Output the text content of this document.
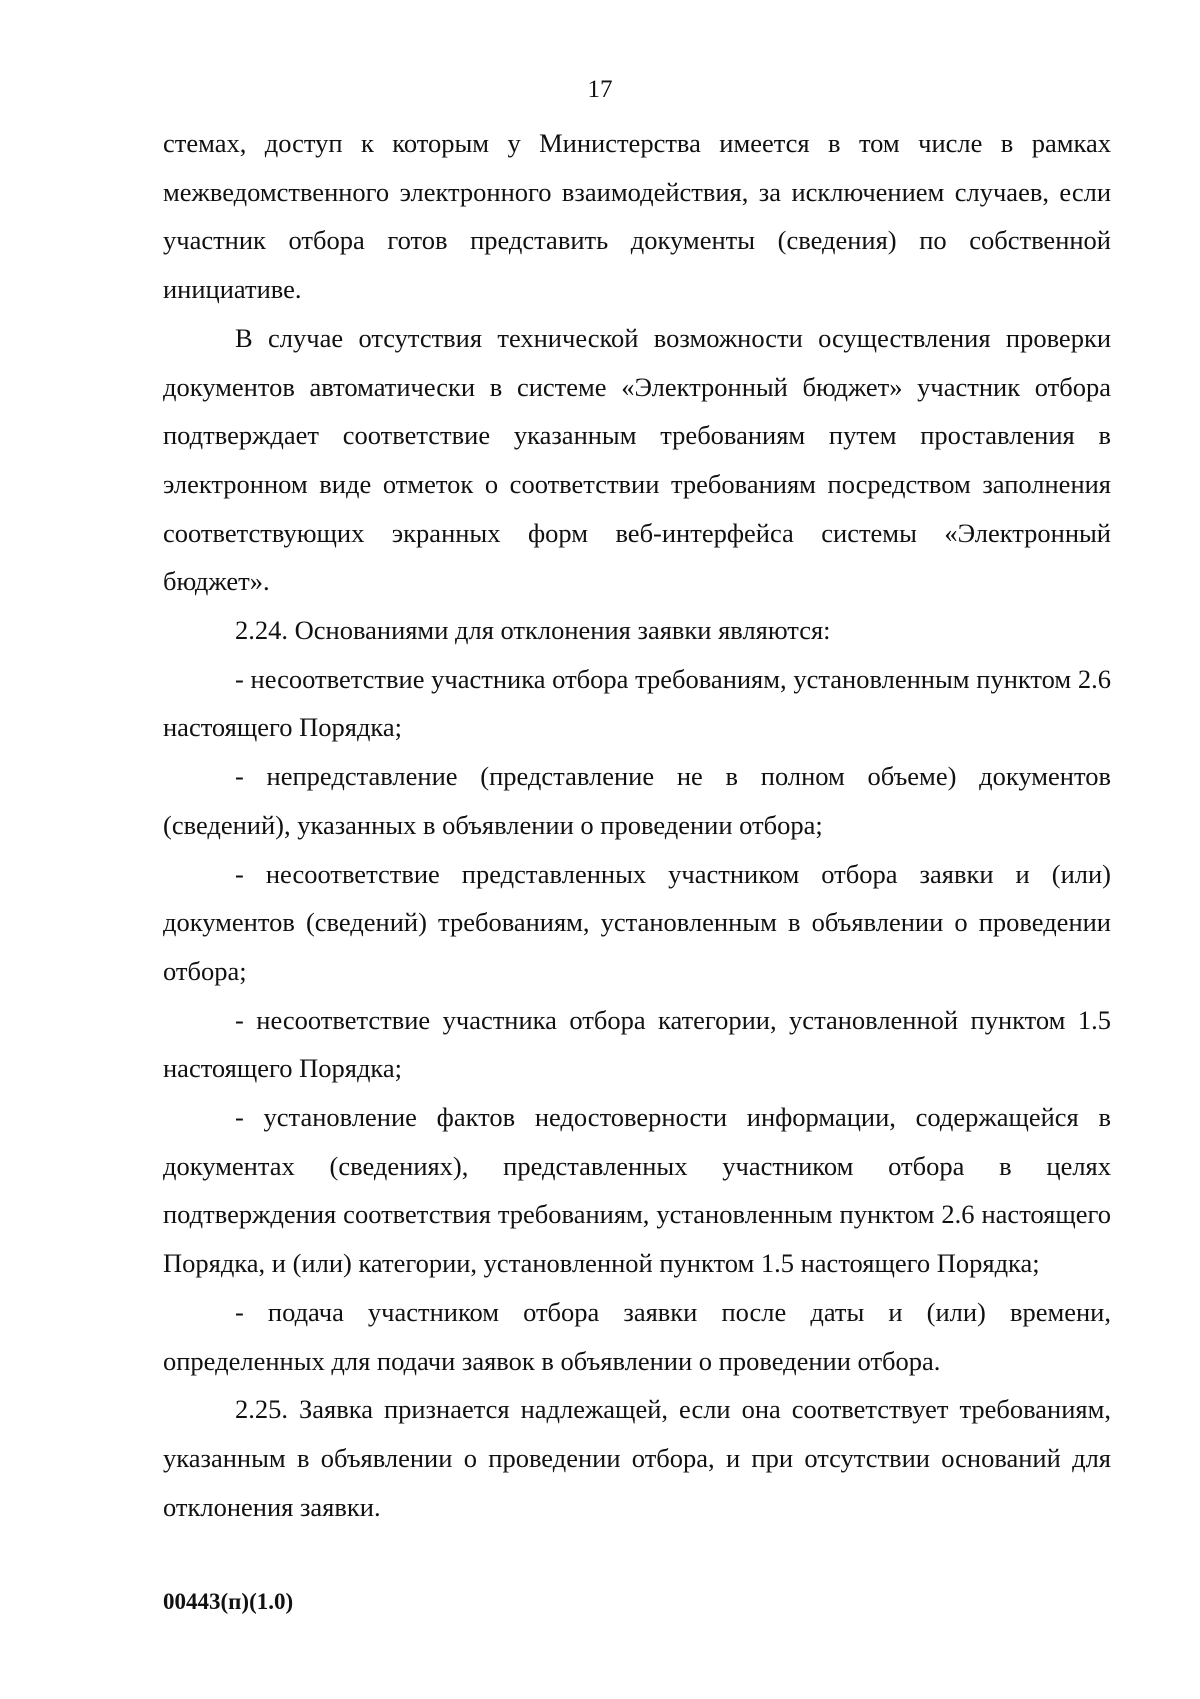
17

стемах, доступ к которым у Министерства имеется в том числе в рамках межведомственного электронного взаимодействия, за исключением случаев, если участник отбора готов представить документы (сведения) по собственной инициативе.

В случае отсутствия технической возможности осуществления проверки документов автоматически в системе «Электронный бюджет» участник отбора подтверждает соответствие указанным требованиям путем проставления в электронном виде отметок о соответствии требованиям посредством заполнения соответствующих экранных форм веб-интерфейса системы «Электронный бюджет».

2.24. Основаниями для отклонения заявки являются:

- несоответствие участника отбора требованиям, установленным пунктом 2.6 настоящего Порядка;

- непредставление (представление не в полном объеме) документов (сведений), указанных в объявлении о проведении отбора;

- несоответствие представленных участником отбора заявки и (или) документов (сведений) требованиям, установленным в объявлении о проведении отбора;

- несоответствие участника отбора категории, установленной пунктом 1.5 настоящего Порядка;

- установление фактов недостоверности информации, содержащейся в документах (сведениях), представленных участником отбора в целях подтверждения соответствия требованиям, установленным пунктом 2.6 настоящего Порядка, и (или) категории, установленной пунктом 1.5 настоящего Порядка;

- подача участником отбора заявки после даты и (или) времени, определенных для подачи заявок в объявлении о проведении отбора.

2.25. Заявка признается надлежащей, если она соответствует требованиям, указанным в объявлении о проведении отбора, и при отсутствии оснований для отклонения заявки.

00443(п)(1.0)
